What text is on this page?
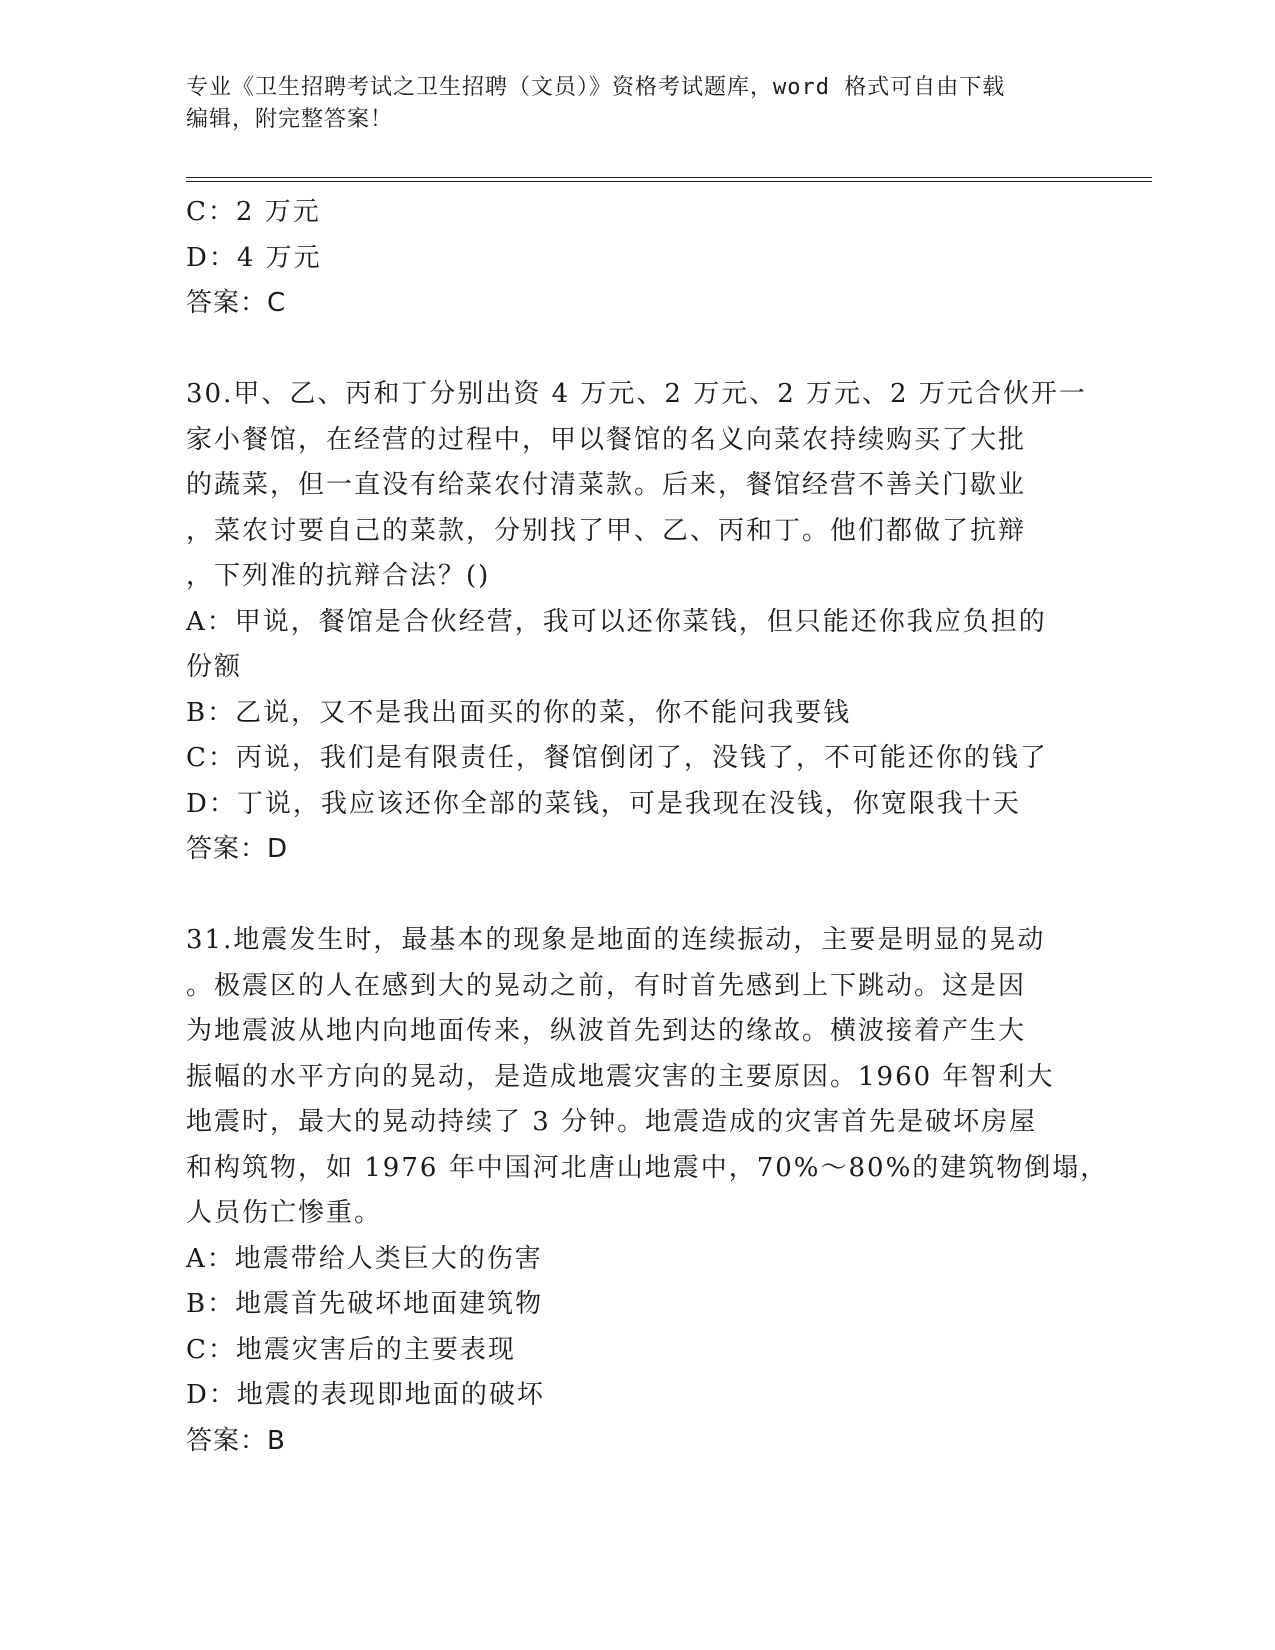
专业《卫生招聘考试之卫生招聘（文员）》资格考试题库，word 格式可自由下载
编辑，附完整答案！
C：2 万元
D：4 万元
答案：C
30.甲、乙、丙和丁分别出资 4 万元、2 万元、2 万元、2 万元合伙开一
家小餐馆，在经营的过程中，甲以餐馆的名义向菜农持续购买了大批
的蔬菜，但一直没有给菜农付清菜款。后来，餐馆经营不善关门歇业
，菜农讨要自己的菜款，分别找了甲、乙、丙和丁。他们都做了抗辩
，下列准的抗辩合法？()
A：甲说，餐馆是合伙经营，我可以还你菜钱，但只能还你我应负担的
份额
B：乙说，又不是我出面买的你的菜，你不能问我要钱
C：丙说，我们是有限责任，餐馆倒闭了，没钱了，不可能还你的钱了
D：丁说，我应该还你全部的菜钱，可是我现在没钱，你宽限我十天
答案：D
31.地震发生时，最基本的现象是地面的连续振动，主要是明显的晃动
。极震区的人在感到大的晃动之前，有时首先感到上下跳动。这是因
为地震波从地内向地面传来，纵波首先到达的缘故。横波接着产生大
振幅的水平方向的晃动，是造成地震灾害的主要原因。1960 年智利大
地震时，最大的晃动持续了 3 分钟。地震造成的灾害首先是破坏房屋
和构筑物，如 1976 年中国河北唐山地震中，70%～80%的建筑物倒塌，
人员伤亡惨重。
A：地震带给人类巨大的伤害
B：地震首先破坏地面建筑物
C：地震灾害后的主要表现
D：地震的表现即地面的破坏
答案：B
